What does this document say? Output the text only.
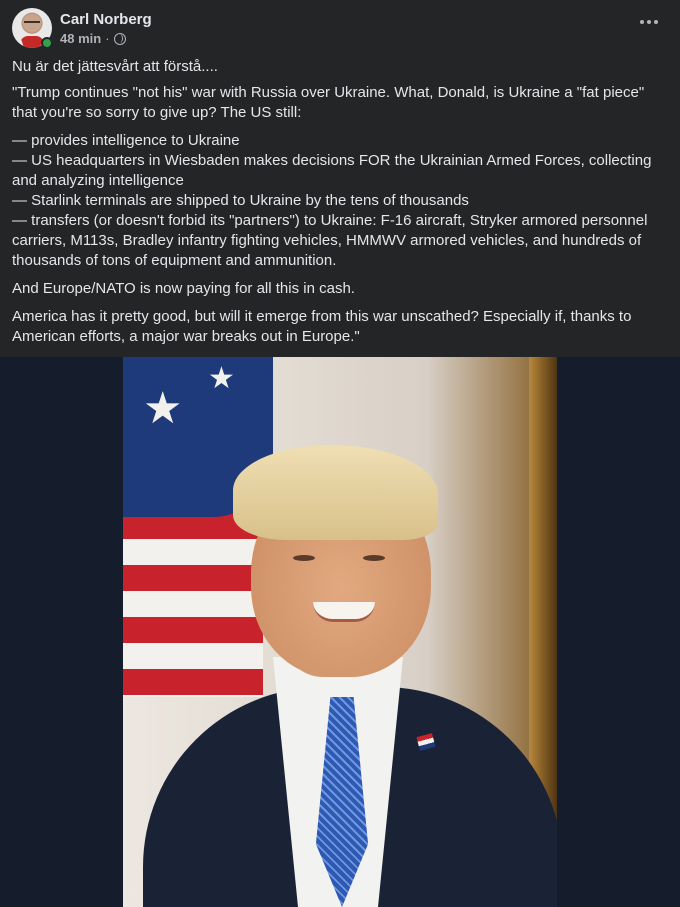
Carl Norberg
48 min ·

Nu är det jättesvårt att förstå....

"Trump continues "not his" war with Russia over Ukraine. What, Donald, is Ukraine a "fat piece" that you're so sorry to give up? The US still:

— provides intelligence to Ukraine
— US headquarters in Wiesbaden makes decisions FOR the Ukrainian Armed Forces, collecting and analyzing intelligence
— Starlink terminals are shipped to Ukraine by the tens of thousands
— transfers (or doesn't forbid its "partners") to Ukraine: F-16 aircraft, Stryker armored personnel carriers, M113s, Bradley infantry fighting vehicles, HMMWV armored vehicles, and hundreds of thousands of tons of equipment and ammunition.

And Europe/NATO is now paying for all this in cash.

America has it pretty good, but will it emerge from this war unscathed? Especially if, thanks to American efforts, a major war breaks out in Europe."

★
★
